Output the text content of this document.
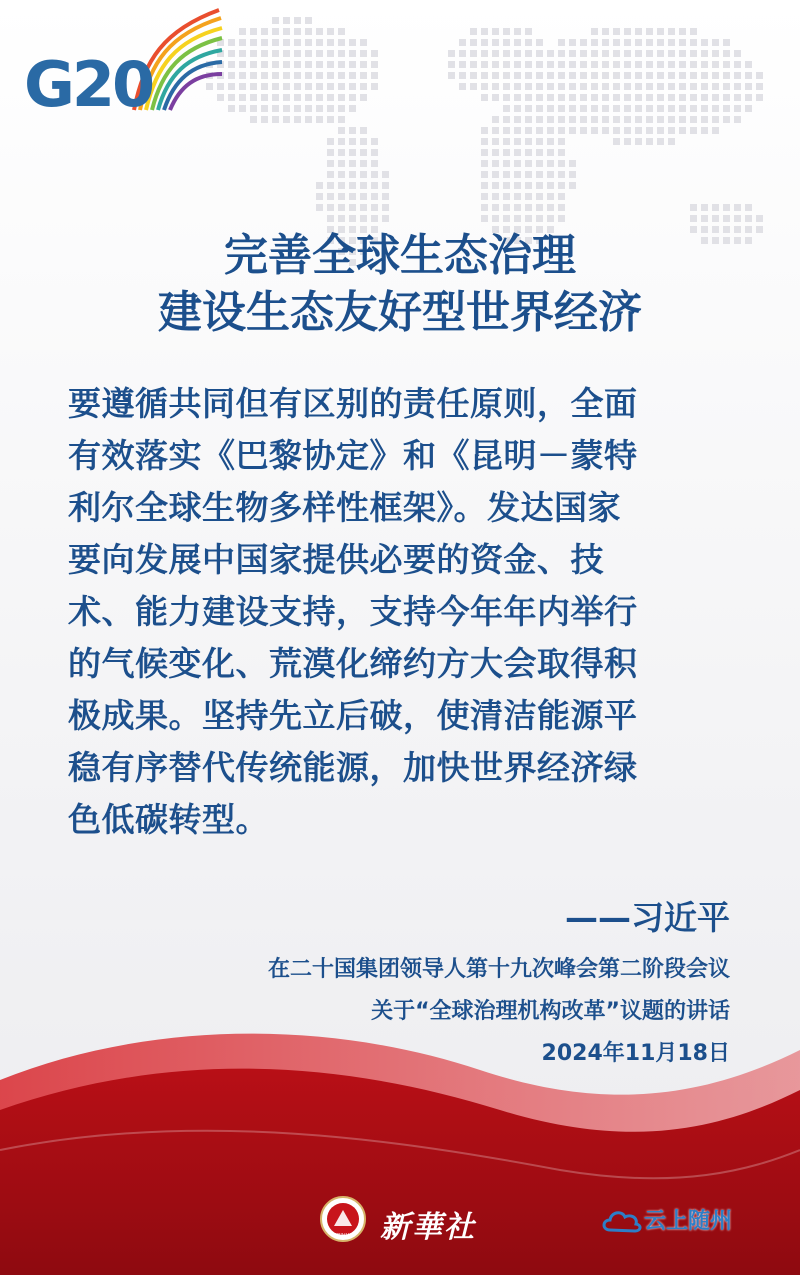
G20
完善全球生态治理
建设生态友好型世界经济
要遵循共同但有区别的责任原则，全面
有效落实《巴黎协定》和《昆明－蒙特
利尔全球生物多样性框架》。发达国家
要向发展中国家提供必要的资金、技
术、能力建设支持，支持今年年内举行
的气候变化、荒漠化缔约方大会取得积
极成果。坚持先立后破，使清洁能源平
稳有序替代传统能源，加快世界经济绿
色低碳转型。
——习近平
在二十国集团领导人第十九次峰会第二阶段会议
关于“全球治理机构改革”议题的讲话
2024年11月18日
XINHUA 新華社	云上随州
